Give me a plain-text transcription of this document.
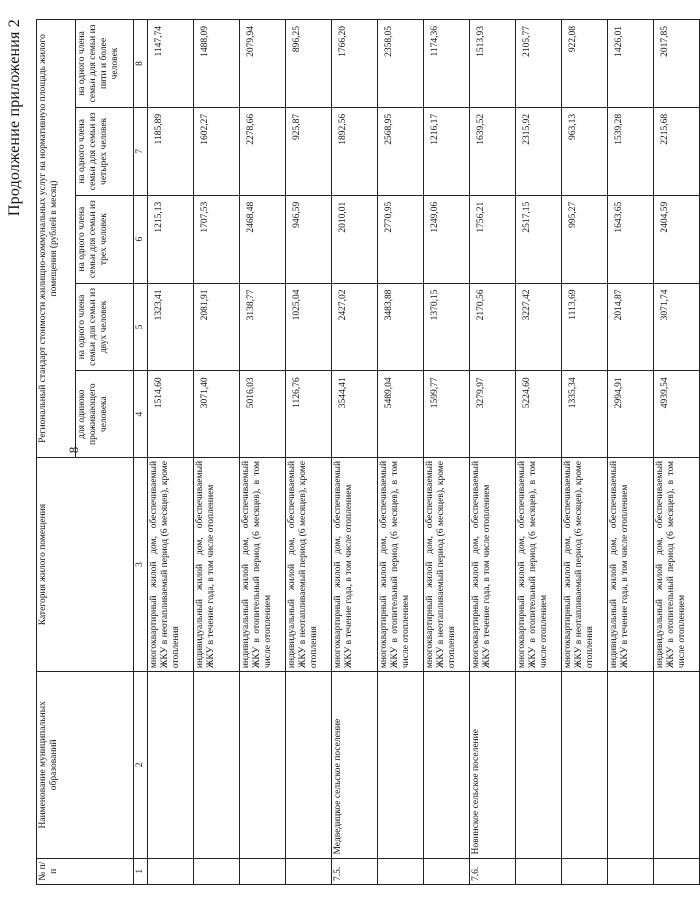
8
Продолжение приложения 2
№ п/п	Наименование муниципальных образований	Категория жилого помещения	Региональный стандарт стоимости жилищно-коммунальных услуг на нормативную площадь жилого помещения (рублей в месяц)				
			для одиноко проживающего человека	на одного члена семьи для семьи из двух человек	на одного члена семьи для семьи из трех человек	на одного члена семьи для семьи из четырех человек	на одного члена семьи для семьи из пяти и более человек
1	2	3	4	5	6	7	8
		многоквартирный жилой дом, обеспечиваемый ЖКУ в неотапливаемый период (6 месяцев), кроме отопления	1514,60	1323,41	1215,13	1185,89	1147,74
		индивидуальный жилой дом, обеспечиваемый ЖКУ в течение года, в том числе отоплением	3071,40	2081,91	1707,53	1602,27	1488,09
		индивидуальный жилой дом, обеспечиваемый ЖКУ в отопительный период (6 месяцев), в том числе отоплением	5016,03	3138,77	2468,48	2278,66	2079,94
		индивидуальный жилой дом, обеспечиваемый ЖКУ в неотапливаемый период (6 месяцев), кроме отопления	1126,76	1025,04	946,59	925,87	896,25
7.5.	Медведицкое сельское поселение	многоквартирный жилой дом, обеспечиваемый ЖКУ в течение года, в том числе отоплением	3544,41	2427,02	2010,01	1892,56	1766,20
		многоквартирный жилой дом, обеспечиваемый ЖКУ в отопительный период (6 месяцев), в том числе отоплением	5489,04	3483,88	2770,95	2568,95	2358,05
		многоквартирный жилой дом, обеспечиваемый ЖКУ в неотапливаемый период (6 месяцев), кроме отопления	1599,77	1370,15	1249,06	1216,17	1174,36
7.6.	Новинское сельское поселение	многоквартирный жилой дом, обеспечиваемый ЖКУ в течение года, в том числе отоплением	3279,97	2170,56	1756,21	1639,52	1513,93
		многоквартирный жилой дом, обеспечиваемый ЖКУ в отопительный период (6 месяцев), в том числе отоплением	5224,60	3227,42	2517,15	2315,92	2105,77
		многоквартирный жилой дом, обеспечиваемый ЖКУ в неотапливаемый период (6 месяцев), кроме отопления	1335,34	1113,69	995,27	963,13	922,08
		индивидуальный жилой дом, обеспечиваемый ЖКУ в течение года, в том числе отоплением	2994,91	2014,87	1643,65	1539,28	1426,01
		индивидуальный жилой дом, обеспечиваемый ЖКУ в отопительный период (6 месяцев), в том числе отоплением	4939,54	3071,74	2404,59	2215,68	2017,85
